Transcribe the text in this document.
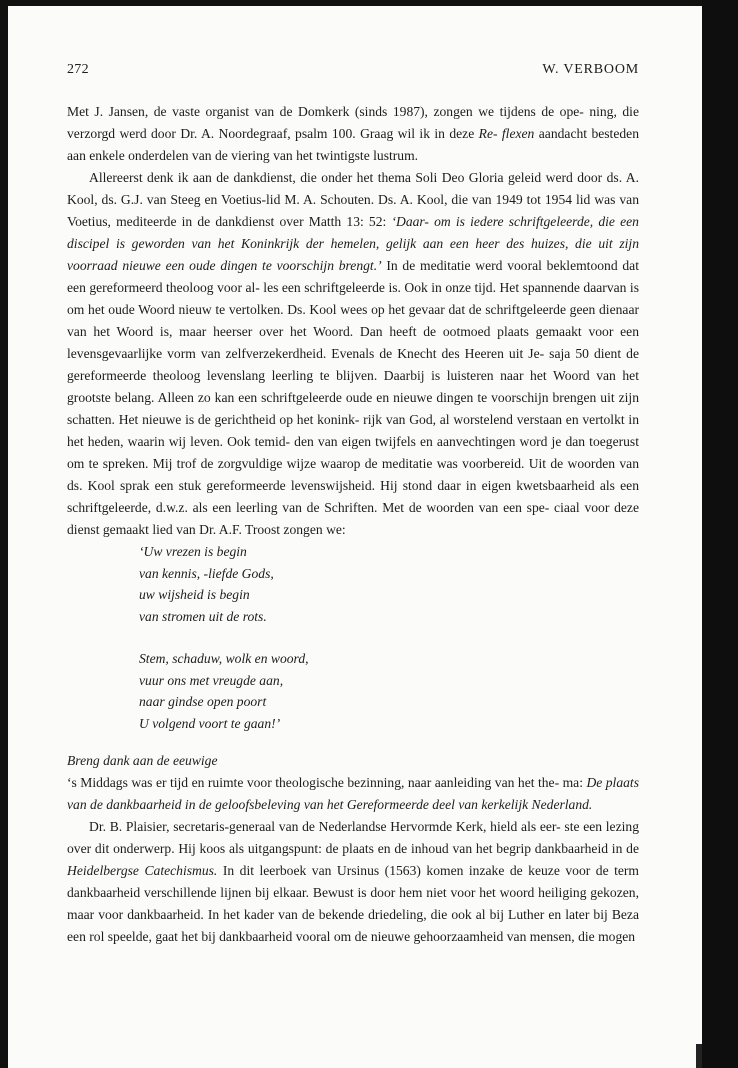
272	W. VERBOOM

Met J. Jansen, de vaste organist van de Domkerk (sinds 1987), zongen we tijdens de ope- ning, die verzorgd werd door Dr. A. Noordegraaf, psalm 100. Graag wil ik in deze Re- flexen aandacht besteden aan enkele onderdelen van de viering van het twintigste lustrum.

Allereerst denk ik aan de dankdienst, die onder het thema Soli Deo Gloria geleid werd door ds. A. Kool, ds. G.J. van Steeg en Voetius-lid M. A. Schouten. Ds. A. Kool, die van 1949 tot 1954 lid was van Voetius, mediteerde in de dankdienst over Matth 13: 52: ‘Daar- om is iedere schriftgeleerde, die een discipel is geworden van het Koninkrijk der hemelen, gelijk aan een heer des huizes, die uit zijn voorraad nieuwe een oude dingen te voorschijn brengt.’ In de meditatie werd vooral beklemtoond dat een gereformeerd theoloog voor al- les een schriftgeleerde is. Ook in onze tijd. Het spannende daarvan is om het oude Woord nieuw te vertolken. Ds. Kool wees op het gevaar dat de schriftgeleerde geen dienaar van het Woord is, maar heerser over het Woord. Dan heeft de ootmoed plaats gemaakt voor een levensgevaarlijke vorm van zelfverzekerdheid. Evenals de Knecht des Heeren uit Je- saja 50 dient de gereformeerde theoloog levenslang leerling te blijven. Daarbij is luisteren naar het Woord van het grootste belang. Alleen zo kan een schriftgeleerde oude en nieuwe dingen te voorschijn brengen uit zijn schatten. Het nieuwe is de gerichtheid op het konink- rijk van God, al worstelend verstaan en vertolkt in het heden, waarin wij leven. Ook temid- den van eigen twijfels en aanvechtingen word je dan toegerust om te spreken. Mij trof de zorgvuldige wijze waarop de meditatie was voorbereid. Uit de woorden van ds. Kool sprak een stuk gereformeerde levenswijsheid. Hij stond daar in eigen kwetsbaarheid als een schriftgeleerde, d.w.z. als een leerling van de Schriften. Met de woorden van een spe- ciaal voor deze dienst gemaakt lied van Dr. A.F. Troost zongen we:

‘Uw vrezen is begin
van kennis, -liefde Gods,
uw wijsheid is begin
van stromen uit de rots.
Stem, schaduw, wolk en woord,
vuur ons met vreugde aan,
naar gindse open poort
U volgend voort te gaan!’

Breng dank aan de eeuwige

‘s Middags was er tijd en ruimte voor theologische bezinning, naar aanleiding van het the- ma: De plaats van de dankbaarheid in de geloofsbeleving van het Gereformeerde deel van kerkelijk Nederland.

Dr. B. Plaisier, secretaris-generaal van de Nederlandse Hervormde Kerk, hield als eer- ste een lezing over dit onderwerp. Hij koos als uitgangspunt: de plaats en de inhoud van het begrip dankbaarheid in de Heidelbergse Catechismus. In dit leerboek van Ursinus (1563) komen inzake de keuze voor de term dankbaarheid verschillende lijnen bij elkaar. Bewust is door hem niet voor het woord heiliging gekozen, maar voor dankbaarheid. In het kader van de bekende driedeling, die ook al bij Luther en later bij Beza een rol speelde, gaat het bij dankbaarheid vooral om de nieuwe gehoorzaamheid van mensen, die mogen
